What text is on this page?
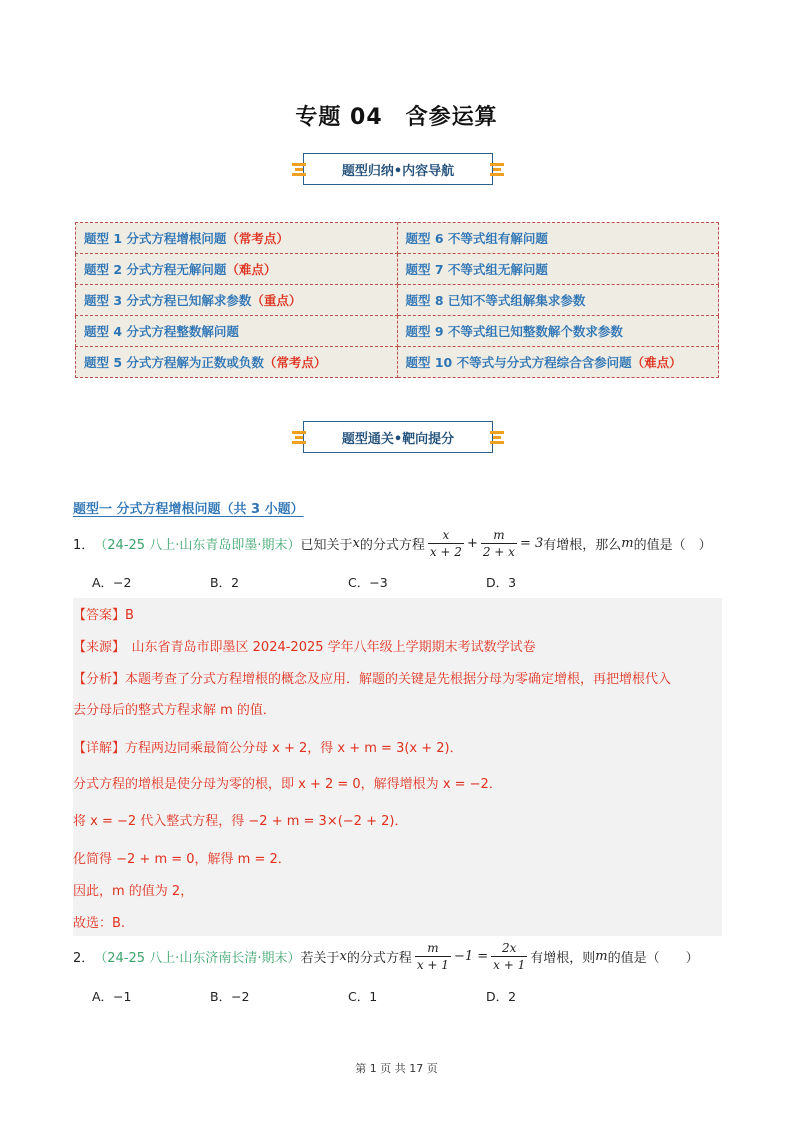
专题 04　含参运算
题型归纳•内容导航
题型 1 分式方程增根问题（常考点）	题型 6 不等式组有解问题
题型 2 分式方程无解问题（难点）	题型 7 不等式组无解问题
题型 3 分式方程已知解求参数（重点）	题型 8 已知不等式组解集求参数
题型 4 分式方程整数解问题	题型 9 不等式组已知整数解个数求参数
题型 5 分式方程解为正数或负数（常考点）	题型 10 不等式与分式方程综合含参问题（难点）
题型通关•靶向提分
题型一 分式方程增根问题（共 3 小题）
1． （24-25 八上·山东青岛即墨·期末） 已知关于 x 的分式方程 $\frac{x}{x + 2} + \frac{m}{2 + x} = 3$ 有增根，那么 m 的值是（　）
A．−2	B．2	C．−3	D．3
【答案】B
【来源】　山东省青岛市即墨区 2024-2025 学年八年级上学期期末考试数学试卷
【分析】本题考查了分式方程增根的概念及应用．解题的关键是先根据分母为零确定增根，再把增根代入
去分母后的整式方程求解 m 的值．
【详解】方程两边同乘最简公分母 x + 2，得 x + m = 3(x + 2)．
分式方程的增根是使分母为零的根，即 x + 2 = 0，解得增根为 x = −2．
将 x = −2 代入整式方程，得 −2 + m = 3×(−2 + 2)．
化简得 −2 + m = 0，解得 m = 2．
因此，m 的值为 2，
故选：B.
2． （24-25 八上·山东济南长清·期末） 若关于 x 的分式方程 $\frac{m}{x + 1} -1 = \frac{2x}{x + 1}$ 有增根，则 m 的值是（　　）
A．−1	B．−2	C．1	D．2
第 1 页 共 17 页
